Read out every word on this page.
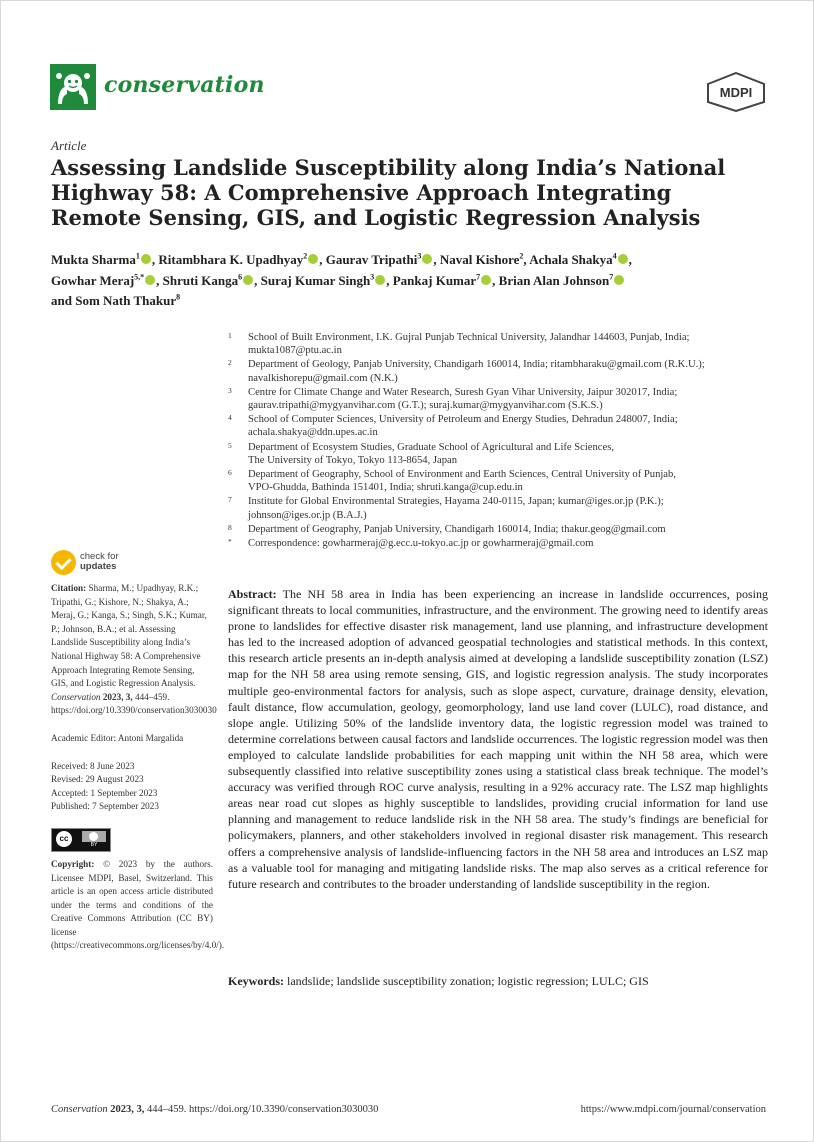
conservation	MDPI
Article
Assessing Landslide Susceptibility along India’s National Highway 58: A Comprehensive Approach Integrating Remote Sensing, GIS, and Logistic Regression Analysis
Mukta Sharma$^1$ , Ritambhara K. Upadhyay$^2$ , Gaurav Tripathi$^3$ , Naval Kishore$^2$, Achala Shakya$^4$ ,
Gowhar Meraj$^{5,*}$ , Shruti Kanga$^6$ , Suraj Kumar Singh$^3$ , Pankaj Kumar$^7$ , Brian Alan Johnson$^7$
and Som Nath Thakur$^8$
1 School of Built Environment, I.K. Gujral Punjab Technical University, Jalandhar 144603, Punjab, India;
mukta1087@ptu.ac.in
2 Department of Geology, Panjab University, Chandigarh 160014, India; ritambharaku@gmail.com (R.K.U.);
navalkishorepu@gmail.com (N.K.)
3 Centre for Climate Change and Water Research, Suresh Gyan Vihar University, Jaipur 302017, India;
gaurav.tripathi@mygyanvihar.com (G.T.); suraj.kumar@mygyanvihar.com (S.K.S.)
4 School of Computer Sciences, University of Petroleum and Energy Studies, Dehradun 248007, India;
achala.shakya@ddn.upes.ac.in
5 Department of Ecosystem Studies, Graduate School of Agricultural and Life Sciences,
The University of Tokyo, Tokyo 113-8654, Japan
6 Department of Geography, School of Environment and Earth Sciences, Central University of Punjab,
VPO-Ghudda, Bathinda 151401, India; shruti.kanga@cup.edu.in
7 Institute for Global Environmental Strategies, Hayama 240-0115, Japan; kumar@iges.or.jp (P.K.);
johnson@iges.or.jp (B.A.J.)
8 Department of Geography, Panjab University, Chandigarh 160014, India; thakur.geog@gmail.com
* Correspondence: gowharmeraj@g.ecc.u-tokyo.ac.jp or gowharmeraj@gmail.com
check for
updates

Citation: Sharma, M.; Upadhyay, R.K.; Tripathi, G.; Kishore, N.; Shakya, A.; Meraj, G.; Kanga, S.; Singh, S.K.; Kumar, P.; Johnson, B.A.; et al. Assessing Landslide Susceptibility along India’s National Highway 58: A Comprehensive Approach Integrating Remote Sensing, GIS, and Logistic Regression Analysis. Conservation 2023, 3, 444–459. https://doi.org/10.3390/conservation3030030

Academic Editor: Antoni Margalida

Received: 8 June 2023
Revised: 29 August 2023
Accepted: 1 September 2023
Published: 7 September 2023
cc
BY

Copyright: © 2023 by the authors. Licensee MDPI, Basel, Switzerland. This article is an open access article distributed under the terms and conditions of the Creative Commons Attribution (CC BY) license (https://creativecommons.org/licenses/by/4.0/).

Abstract: The NH 58 area in India has been experiencing an increase in landslide occurrences, posing significant threats to local communities, infrastructure, and the environment. The growing need to identify areas prone to landslides for effective disaster risk management, land use planning, and infrastructure development has led to the increased adoption of advanced geospatial technologies and statistical methods. In this context, this research article presents an in-depth analysis aimed at developing a landslide susceptibility zonation (LSZ) map for the NH 58 area using remote sensing, GIS, and logistic regression analysis. The study incorporates multiple geo-environmental factors for analysis, such as slope aspect, curvature, drainage density, elevation, fault distance, flow accumulation, geology, geomorphology, land use land cover (LULC), road distance, and slope angle. Utilizing 50% of the landslide inventory data, the logistic regression model was trained to determine correlations between causal factors and landslide occurrences. The logistic regression model was then employed to calculate landslide probabilities for each mapping unit within the NH 58 area, which were subsequently classified into relative susceptibility zones using a statistical class break technique. The model’s accuracy was verified through ROC curve analysis, resulting in a 92% accuracy rate. The LSZ map highlights areas near road cut slopes as highly susceptible to landslides, providing crucial information for land use planning and management to reduce landslide risk in the NH 58 area. The study’s findings are beneficial for policymakers, planners, and other stakeholders involved in regional disaster risk management. This research offers a comprehensive analysis of landslide-influencing factors in the NH 58 area and introduces an LSZ map as a valuable tool for managing and mitigating landslide risks. The map also serves as a critical reference for future research and contributes to the broader understanding of landslide susceptibility in the region.

Keywords: landslide; landslide susceptibility zonation; logistic regression; LULC; GIS

Conservation 2023, 3, 444–459. https://doi.org/10.3390/conservation3030030	https://www.mdpi.com/journal/conservation
